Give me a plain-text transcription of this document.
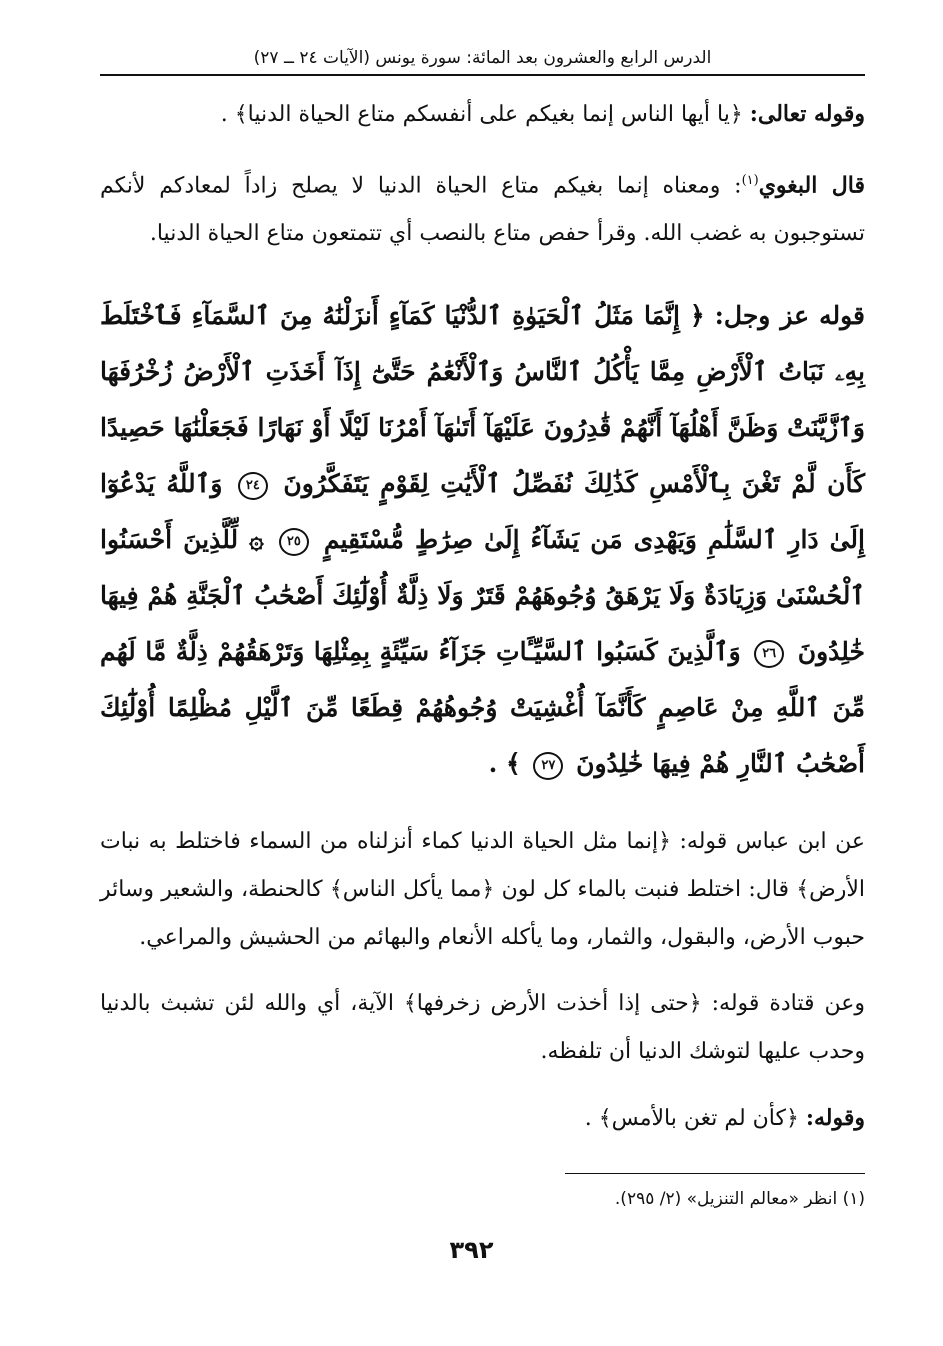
الدرس الرابع والعشرون بعد المائة: سورة يونس (الآيات ٢٤ ــ ٢٧)

وقوله تعالى: ﴿يا أيها الناس إنما بغيكم على أنفسكم متاع الحياة الدنيا﴾ .

قال البغوي$^{(١)}$: ومعناه إنما بغيكم متاع الحياة الدنيا لا يصلح زاداً لمعادكم لأنكم تستوجبون به غضب الله. وقرأ حفص متاع بالنصب أي تتمتعون متاع الحياة الدنيا.

قوله عز وجل: ﴿ إِنَّمَا مَثَلُ ٱلْحَيَوٰةِ ٱلدُّنْيَا كَمَآءٍ أَنزَلْنَٰهُ مِنَ ٱلسَّمَآءِ فَٱخْتَلَطَ بِهِۦ نَبَاتُ ٱلْأَرْضِ مِمَّا يَأْكُلُ ٱلنَّاسُ وَٱلْأَنْعَٰمُ حَتَّىٰٓ إِذَآ أَخَذَتِ ٱلْأَرْضُ زُخْرُفَهَا وَٱزَّيَّنَتْ وَظَنَّ أَهْلُهَآ أَنَّهُمْ قَٰدِرُونَ عَلَيْهَآ أَتَىٰهَآ أَمْرُنَا لَيْلًا أَوْ نَهَارًا فَجَعَلْنَٰهَا حَصِيدًا كَأَن لَّمْ تَغْنَ بِٱلْأَمْسِ كَذَٰلِكَ نُفَصِّلُ ٱلْأَيَٰتِ لِقَوْمٍ يَتَفَكَّرُونَ ٢٤ وَٱللَّهُ يَدْعُوٓا إِلَىٰ دَارِ ٱلسَّلَٰمِ وَيَهْدِى مَن يَشَآءُ إِلَىٰ صِرَٰطٍ مُّسْتَقِيمٍ ٢٥ ۞ لِّلَّذِينَ أَحْسَنُوا ٱلْحُسْنَىٰ وَزِيَادَةٌ وَلَا يَرْهَقُ وُجُوهَهُمْ قَتَرٌ وَلَا ذِلَّةٌ أُوْلَٰٓئِكَ أَصْحَٰبُ ٱلْجَنَّةِ هُمْ فِيهَا خَٰلِدُونَ ٢٦ وَٱلَّذِينَ كَسَبُوا ٱلسَّيِّـَٔاتِ جَزَآءُ سَيِّئَةٍ بِمِثْلِهَا وَتَرْهَقُهُمْ ذِلَّةٌ مَّا لَهُم مِّنَ ٱللَّهِ مِنْ عَاصِمٍ كَأَنَّمَآ أُغْشِيَتْ وُجُوهُهُمْ قِطَعًا مِّنَ ٱلَّيْلِ مُظْلِمًا أُوْلَٰٓئِكَ أَصْحَٰبُ ٱلنَّارِ هُمْ فِيهَا خَٰلِدُونَ ٢٧ ﴾ .

عن ابن عباس قوله: ﴿إنما مثل الحياة الدنيا كماء أنزلناه من السماء فاختلط به نبات الأرض﴾ قال: اختلط فنبت بالماء كل لون ﴿مما يأكل الناس﴾ كالحنطة، والشعير وسائر حبوب الأرض، والبقول، والثمار، وما يأكله الأنعام والبهائم من الحشيش والمراعي.

وعن قتادة قوله: ﴿حتى إذا أخذت الأرض زخرفها﴾ الآية، أي والله لئن تشبث بالدنيا وحدب عليها لتوشك الدنيا أن تلفظه.

وقوله: ﴿كأن لم تغن بالأمس﴾ .

(١) انظر «معالم التنزيل» (٢/ ٢٩٥).

٣٩٢
